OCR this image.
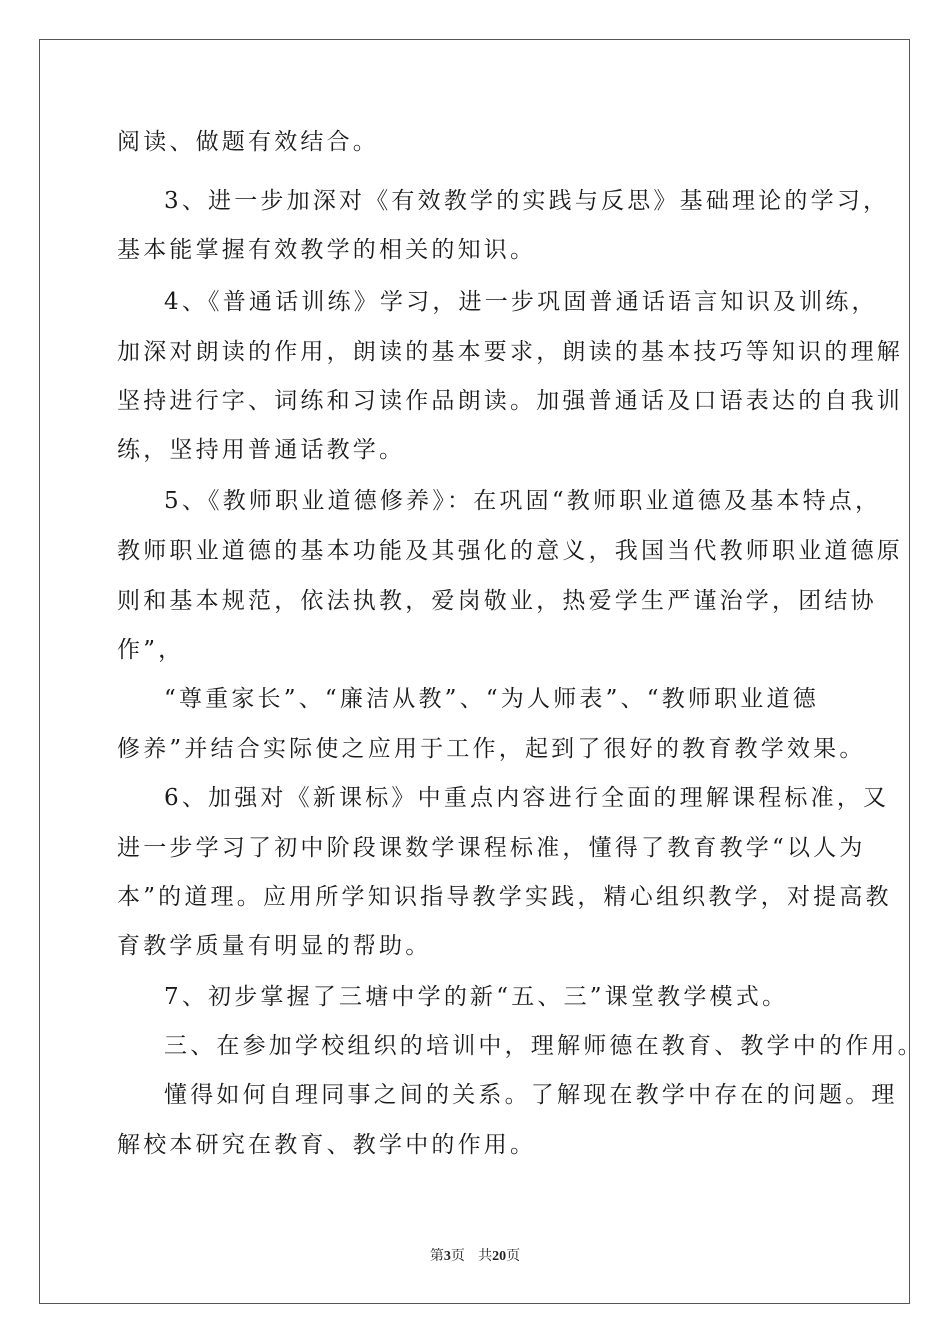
阅读、做题有效结合。
3、进一步加深对《有效教学的实践与反思》基础理论的学习，
基本能掌握有效教学的相关的知识。
4、《普通话训练》学习，进一步巩固普通话语言知识及训练，
加深对朗读的作用，朗读的基本要求，朗读的基本技巧等知识的理解
坚持进行字、词练和习读作品朗读。加强普通话及口语表达的自我训
练，坚持用普通话教学。
5、《教师职业道德修养》：在巩固“教师职业道德及基本特点，
教师职业道德的基本功能及其强化的意义，我国当代教师职业道德原
则和基本规范，依法执教，爱岗敬业，热爱学生严谨治学，团结协
作”，
“尊重家长”、“廉洁从教”、“为人师表”、“教师职业道德
修养”并结合实际使之应用于工作，起到了很好的教育教学效果。
6、加强对《新课标》中重点内容进行全面的理解课程标准，又
进一步学习了初中阶段课数学课程标准，懂得了教育教学“以人为
本”的道理。应用所学知识指导教学实践，精心组织教学，对提高教
育教学质量有明显的帮助。
7、初步掌握了三塘中学的新“五、三”课堂教学模式。
三、在参加学校组织的培训中，理解师德在教育、教学中的作用。
懂得如何自理同事之间的关系。了解现在教学中存在的问题。理
解校本研究在教育、教学中的作用。
第3页 共20页
